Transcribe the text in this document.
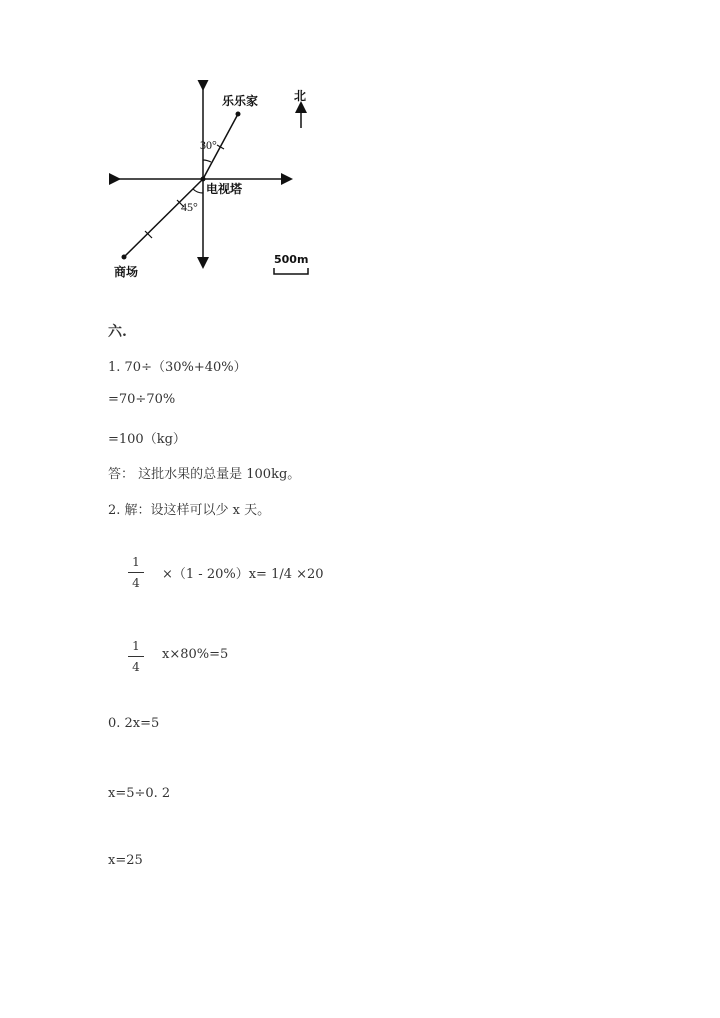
30°
45°
乐乐家
电视塔
商场
北
500m
六.
1. 70÷（30%+40%）
=70÷70%
=100（kg）
答： 这批水果的总量是 100kg。
2. 解：设这样可以少 x 天。
1
4
×（1 - 20%）x= 1/4 ×20
1
4
x×80%=5
0. 2x=5
x=5÷0. 2
x=25
